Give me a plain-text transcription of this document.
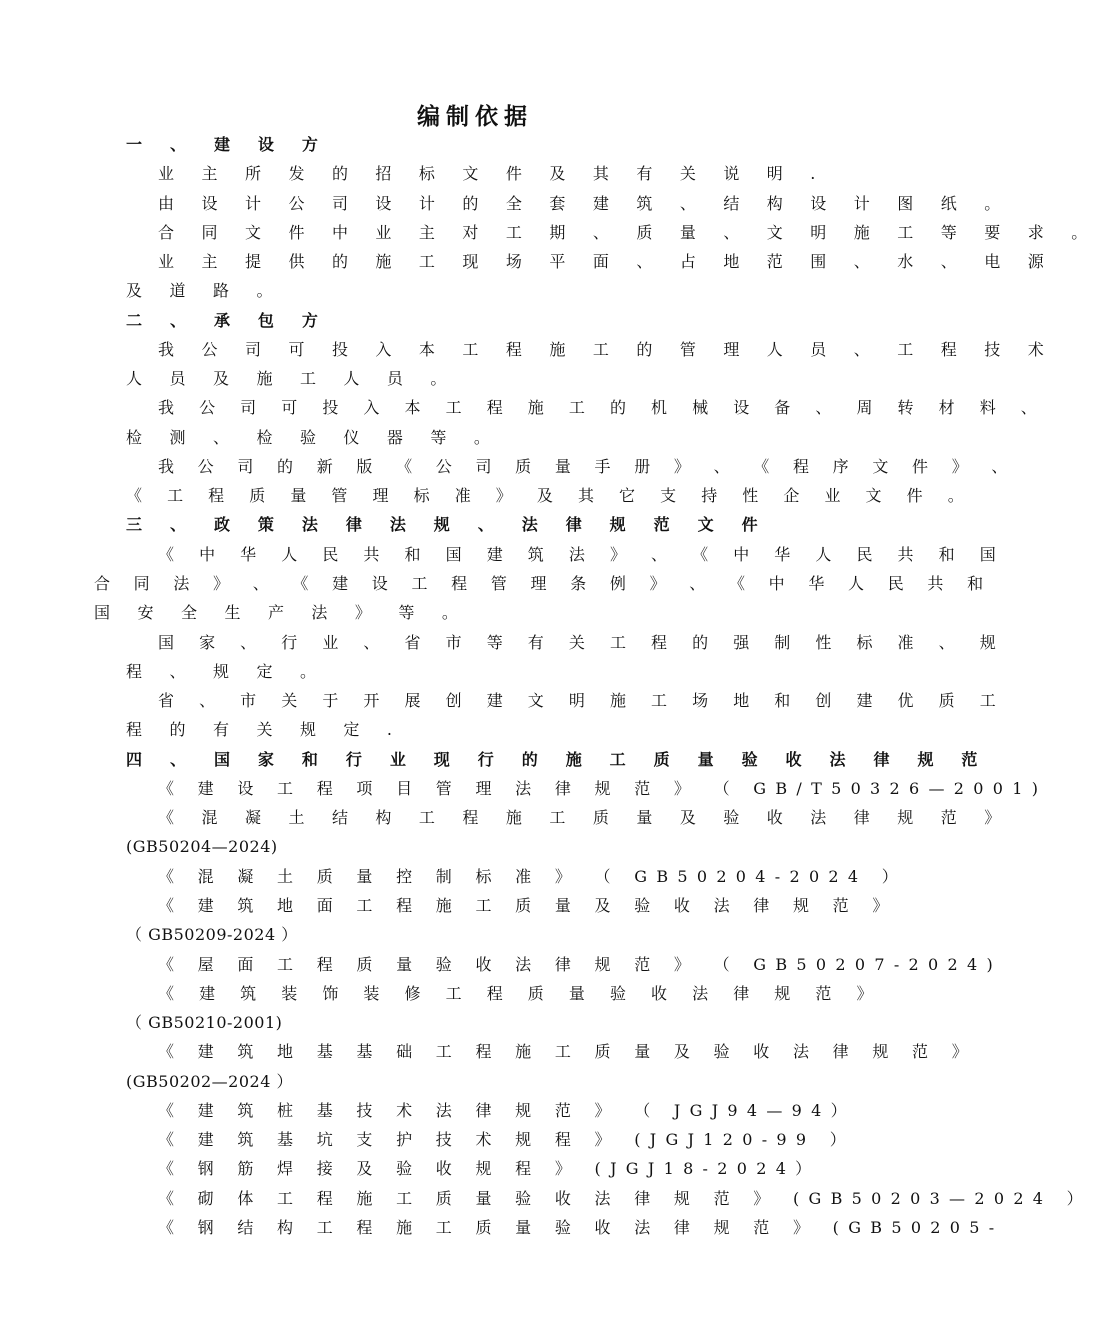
编制依据
一 、 建 设 方
业 主 所 发 的 招 标 文 件 及 其 有 关 说 明 .
由 设 计 公 司 设 计 的 全 套 建 筑 、 结 构 设 计 图 纸 。
合 同 文 件 中 业 主 对 工 期 、 质 量 、 文 明 施 工 等 要 求 。
业 主 提 供 的 施 工 现 场 平 面 、 占 地 范 围 、 水 、 电 源
及 道 路 。
二 、 承 包 方
我 公 司 可 投 入 本 工 程 施 工 的 管 理 人 员 、 工 程 技 术
人 员 及 施 工 人 员 。
我 公 司 可 投 入 本 工 程 施 工 的 机 械 设 备 、 周 转 材 料 、
检 测 、 检 验 仪 器 等 。
我 公 司 的 新 版 《 公 司 质 量 手 册 》 、 《 程 序 文 件 》 、
《 工 程 质 量 管 理 标 准 》 及 其 它 支 持 性 企 业 文 件 。
三 、 政 策 法 律 法 规 、 法 律 规 范 文 件
《 中 华 人 民 共 和 国 建 筑 法 》 、 《 中 华 人 民 共 和 国
合 同 法 》 、 《 建 设 工 程 管 理 条 例 》 、 《 中 华 人 民 共 和
国 安 全 生 产 法 》 等 。
国 家 、 行 业 、 省 市 等 有 关 工 程 的 强 制 性 标 准 、 规
程 、 规 定 。
省 、 市 关 于 开 展 创 建 文 明 施 工 场 地 和 创 建 优 质 工
程 的 有 关 规 定 .
四 、 国 家 和 行 业 现 行 的 施 工 质 量 验 收 法 律 规 范
《 建 设 工 程 项 目 管 理 法 律 规 范 》 （ GB/T50326—2001)
《 混 凝 土 结 构 工 程 施 工 质 量 及 验 收 法 律 规 范 》
(GB50204—2024)
《 混 凝 土 质 量 控 制 标 准 》 （ GB50204-2024 ）
《 建 筑 地 面 工 程 施 工 质 量 及 验 收 法 律 规 范 》
（ GB50209-2024 ）
《 屋 面 工 程 质 量 验 收 法 律 规 范 》 （ GB50207-2024)
《 建 筑 装 饰 装 修 工 程 质 量 验 收 法 律 规 范 》
（ GB50210-2001)
《 建 筑 地 基 基 础 工 程 施 工 质 量 及 验 收 法 律 规 范 》
(GB50202—2024 ）
《 建 筑 桩 基 技 术 法 律 规 范 》 （ JGJ94—94）
《 建 筑 基 坑 支 护 技 术 规 程 》 (JGJ120-99 ）
《 钢 筋 焊 接 及 验 收 规 程 》 (JGJ18-2024）
《 砌 体 工 程 施 工 质 量 验 收 法 律 规 范 》 (GB50203—2024 ）
《 钢 结 构 工 程 施 工 质 量 验 收 法 律 规 范 》 (GB50205-
